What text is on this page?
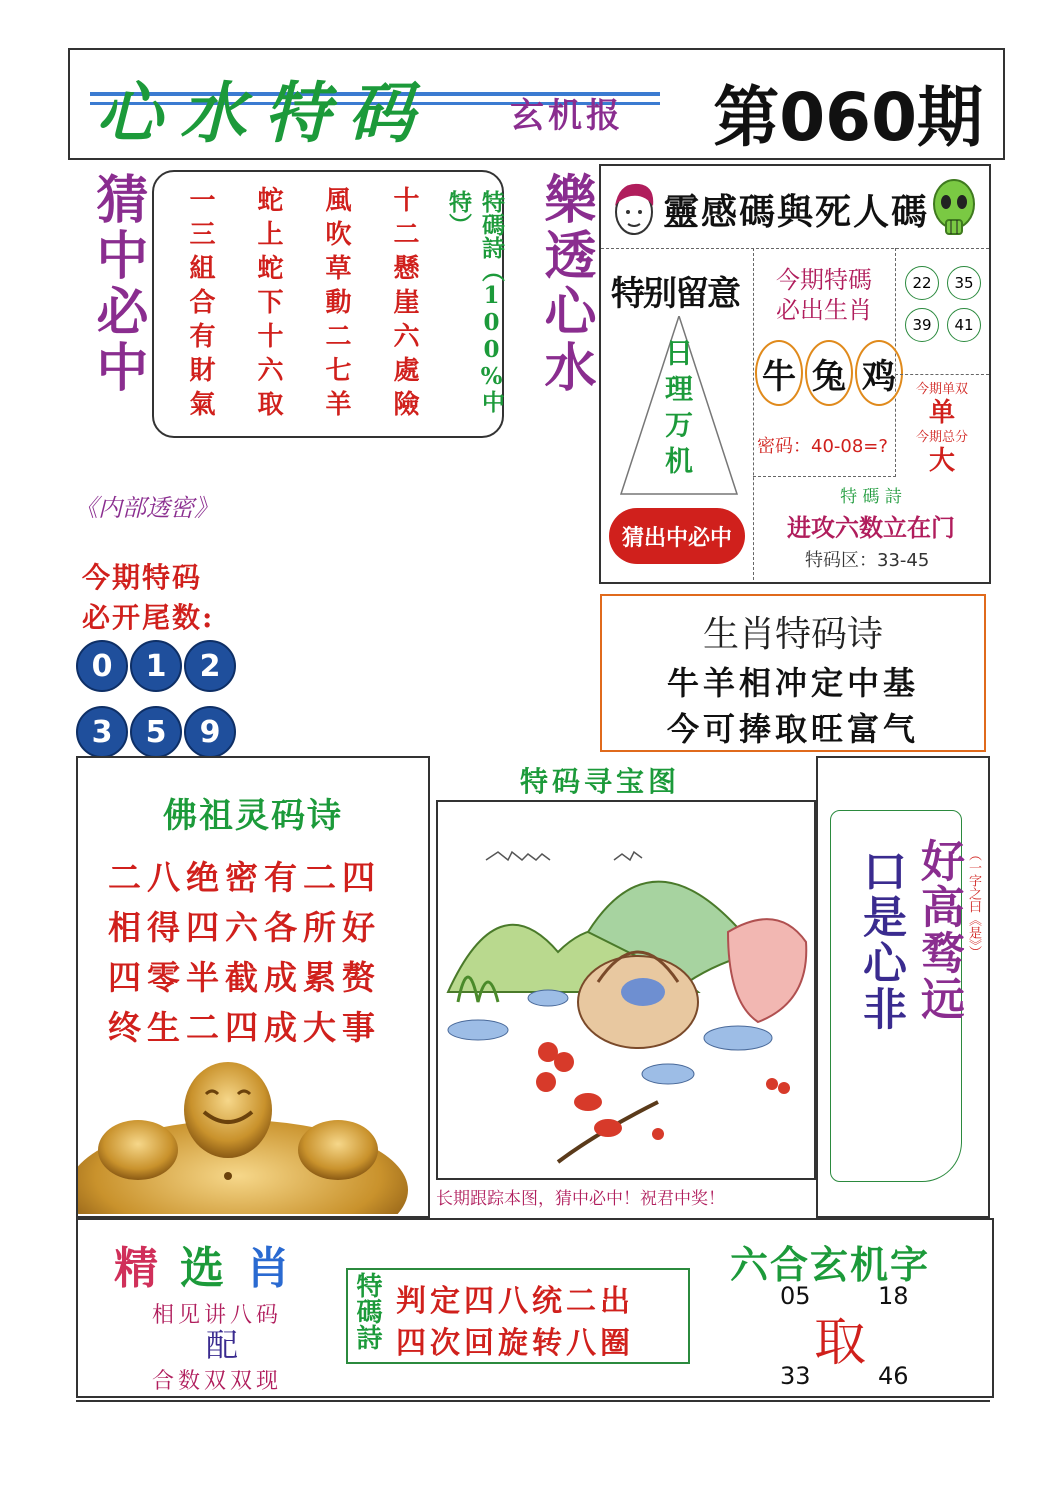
心水特码 玄机报 第060期
猜中必中 一三組合有財氣 蛇上蛇下十六取 風吹草動二七羊 十二懸崖六處險	特碼詩（100%中特）	樂透心水
《内部透密》
今期特码
必开尾数:
0	1	2
3	5	9
靈感碼與死人碼
特别留意
日理万机
猜出中必中
今期特碼
必出生肖
牛 兔 鸡
密码：40-08=?
22	35
39	41
今期单双
单
今期总分
大
特 碼 詩
进攻六数立在门
特码区：33-45
生肖特码诗
牛羊相冲定中基
今可捧取旺富气
佛祖灵码诗
二八绝密有二四
相得四六各所好
四零半截成累赘
终生二四成大事
特码寻宝图
长期跟踪本图，猜中必中！祝君中奖！
好高骛远
口是心非	（一字之曰《是》）
精 选 肖
相见讲八码
配
合数双双现
特碼詩 判定四八统二出
四次回旋转八圈
六合玄机字
05	18
取
33	46
